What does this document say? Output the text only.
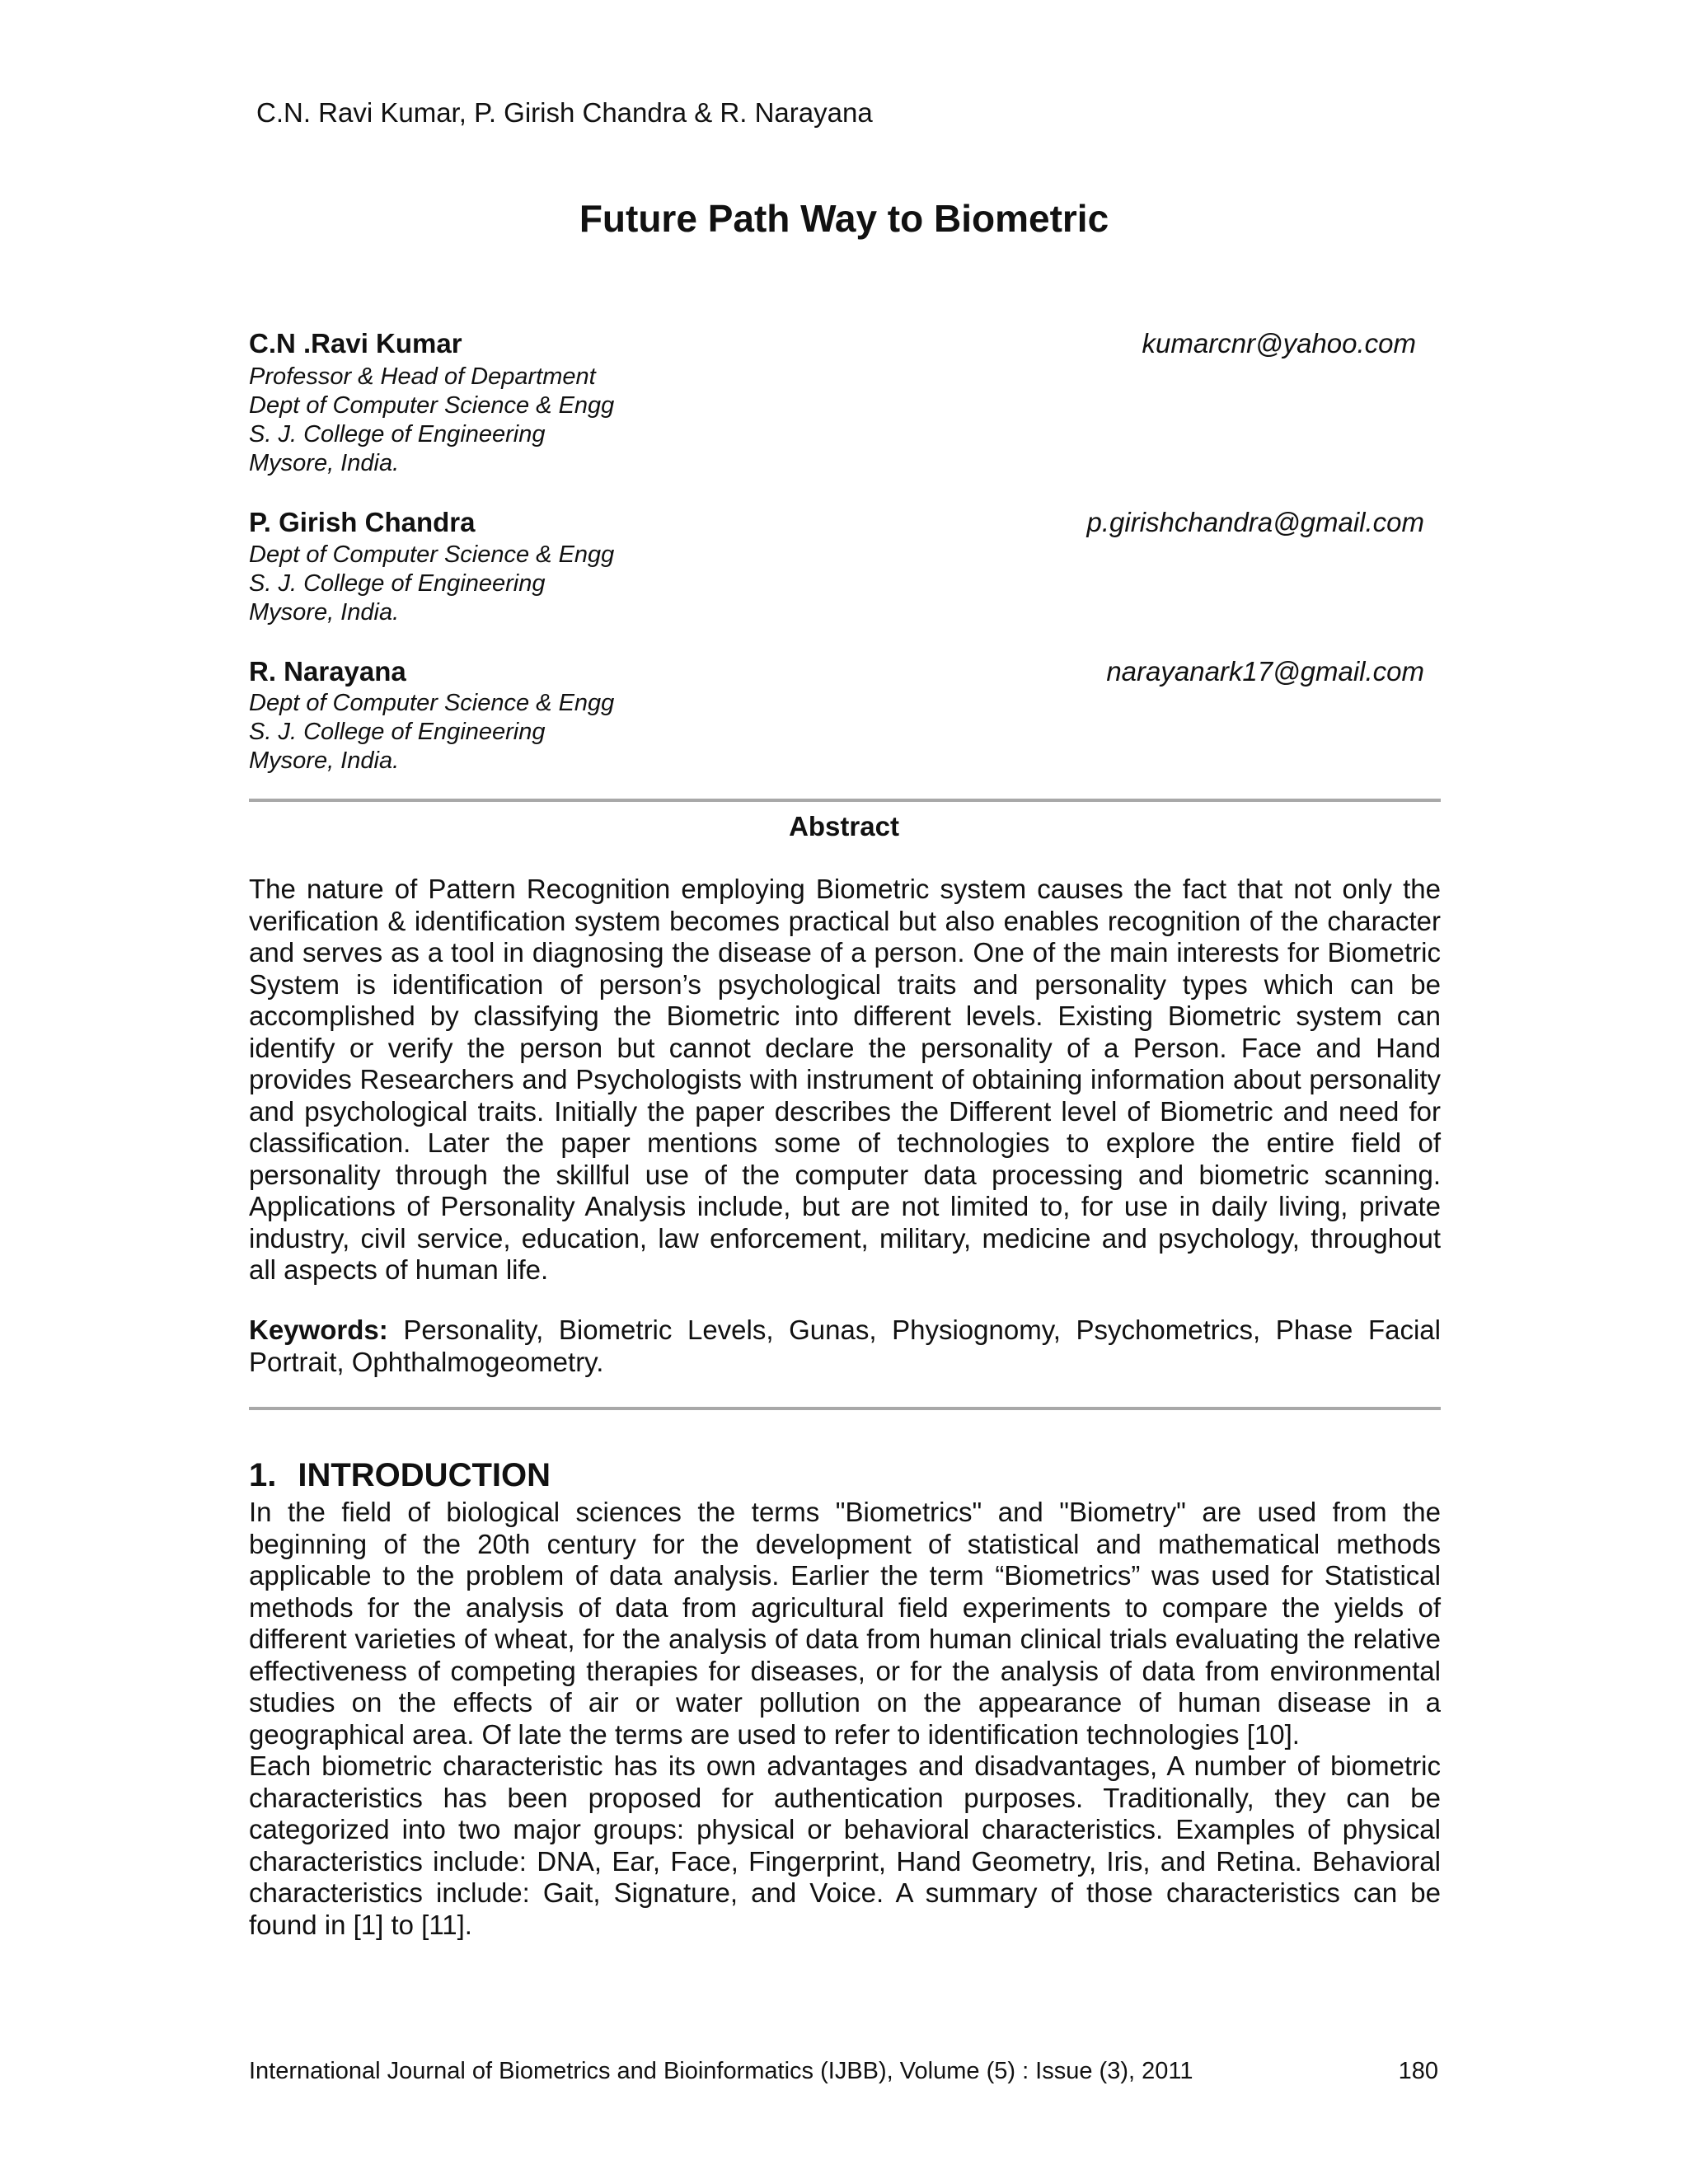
C.N. Ravi Kumar, P. Girish Chandra & R. Narayana
Future Path Way to Biometric
C.N .Ravi Kumar	kumarcnr@yahoo.com
Professor & Head of Department
Dept of Computer Science & Engg
S. J. College of Engineering
Mysore, India.
P. Girish Chandra	p.girishchandra@gmail.com
Dept of Computer Science & Engg
S. J. College of Engineering
Mysore, India.
R. Narayana	narayanark17@gmail.com
Dept of Computer Science & Engg
S. J. College of Engineering
Mysore, India.
Abstract
The nature of Pattern Recognition employing Biometric system causes the fact that not only the verification & identification system becomes practical but also enables recognition of the character and serves as a tool in diagnosing the disease of a person. One of the main interests for Biometric System is identification of person’s psychological traits and personality types which can be accomplished by classifying the Biometric into different levels. Existing Biometric system can identify or verify the person but cannot declare the personality of a Person. Face and Hand provides Researchers and Psychologists with instrument of obtaining information about personality and psychological traits. Initially the paper describes the Different level of Biometric and need for classification. Later the paper mentions some of technologies to explore the entire field of personality through the skillful use of the computer data processing and biometric scanning. Applications of Personality Analysis include, but are not limited to, for use in daily living, private industry, civil service, education, law enforcement, military, medicine and psychology, throughout all aspects of human life.
Keywords: Personality, Biometric Levels, Gunas, Physiognomy, Psychometrics, Phase Facial Portrait, Ophthalmogeometry.
1. INTRODUCTION
In the field of biological sciences the terms "Biometrics" and "Biometry" are used from the beginning of the 20th century for the development of statistical and mathematical methods applicable to the problem of data analysis. Earlier the term “Biometrics” was used for Statistical methods for the analysis of data from agricultural field experiments to compare the yields of different varieties of wheat, for the analysis of data from human clinical trials evaluating the relative effectiveness of competing therapies for diseases, or for the analysis of data from environmental studies on the effects of air or water pollution on the appearance of human disease in a geographical area. Of late the terms are used to refer to identification technologies [10].
Each biometric characteristic has its own advantages and disadvantages, A number of biometric characteristics has been proposed for authentication purposes. Traditionally, they can be categorized into two major groups: physical or behavioral characteristics. Examples of physical characteristics include: DNA, Ear, Face, Fingerprint, Hand Geometry, Iris, and Retina. Behavioral characteristics include: Gait, Signature, and Voice. A summary of those characteristics can be found in [1] to [11].
International Journal of Biometrics and Bioinformatics (IJBB), Volume (5) : Issue (3), 2011	180
